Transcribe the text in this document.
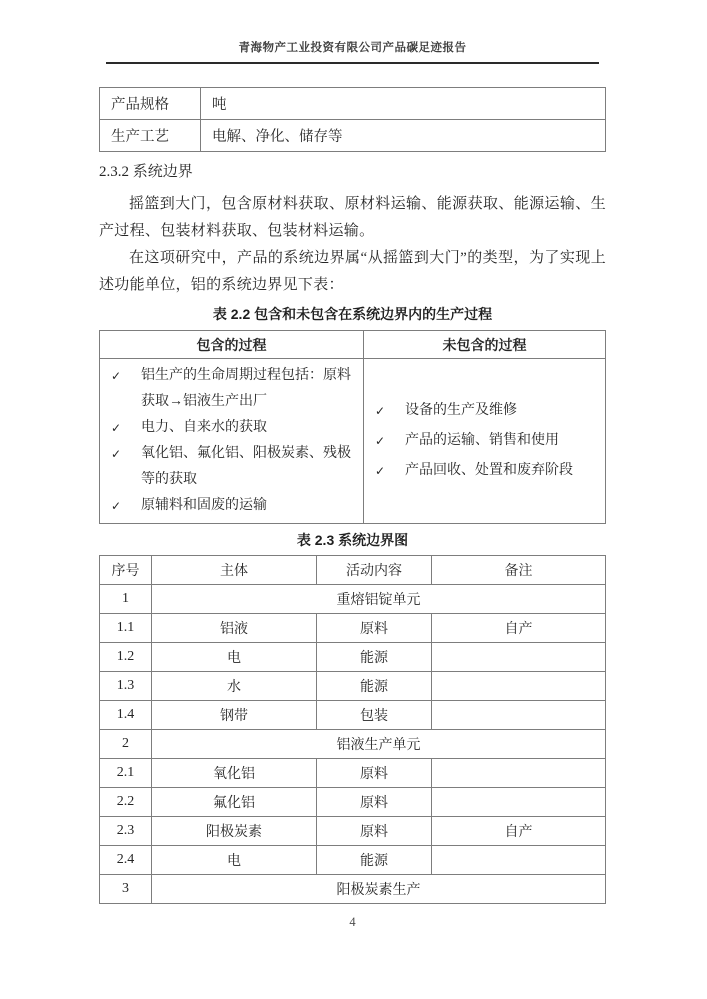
青海物产工业投资有限公司产品碳足迹报告
产品规格	吨
生产工艺	电解、净化、储存等
2.3.2 系统边界

摇篮到大门，包含原材料获取、原材料运输、能源获取、能源运输、生产过程、包装材料获取、包装材料运输。

在这项研究中，产品的系统边界属“从摇篮到大门”的类型，为了实现上述功能单位，铝的系统边界见下表：

表 2.2 包含和未包含在系统边界内的生产过程
包含的过程	未包含的过程

✓	铝生产的生命周期过程包括：原料获取→铝液生产出厂
✓	电力、自来水的获取
✓	氧化铝、氟化铝、阳极炭素、残极等的获取
✓	原辅料和固废的运输

✓	设备的生产及维修
✓	产品的运输、销售和使用
✓	产品回收、处置和废弃阶段
表 2.3 系统边界图
序号	主体	活动内容	备注
1	重熔铝锭单元		
1.1	铝液	原料	自产
1.2	电	能源	
1.3	水	能源	
1.4	钢带	包装	
2	铝液生产单元		
2.1	氧化铝	原料	
2.2	氟化铝	原料	
2.3	阳极炭素	原料	自产
2.4	电	能源	
3	阳极炭素生产		
4
